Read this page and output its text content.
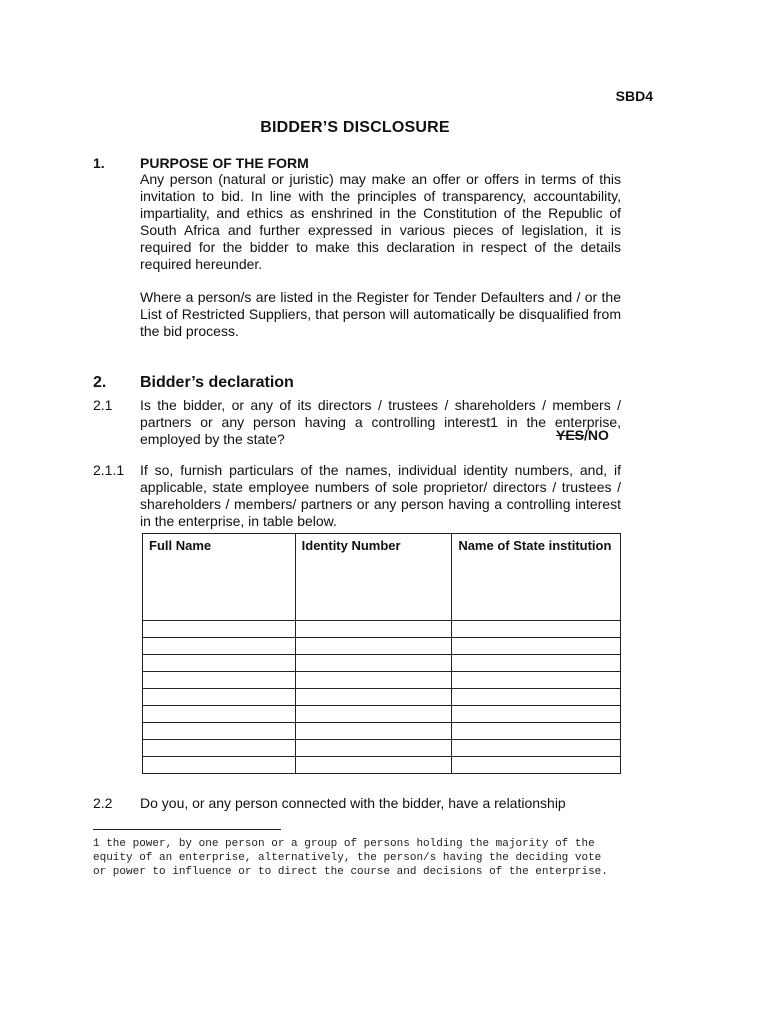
SBD4
BIDDER’S DISCLOSURE
1.	PURPOSE OF THE FORM
Any person (natural or juristic) may make an offer or offers in terms of this invitation to bid. In line with the principles of transparency, accountability, impartiality, and ethics as enshrined in the Constitution of the Republic of South Africa and further expressed in various pieces of legislation, it is required for the bidder to make this declaration in respect of the details required hereunder.
Where a person/s are listed in the Register for Tender Defaulters and / or the List of Restricted Suppliers, that person will automatically be disqualified from the bid process.
2. Bidder’s declaration
2.1 Is the bidder, or any of its directors / trustees / shareholders / members / partners or any person having a controlling interest1 in the enterprise, employed by the state?	YES/NO
2.1.1 If so, furnish particulars of the names, individual identity numbers, and, if applicable, state employee numbers of sole proprietor/ directors / trustees / shareholders / members/ partners or any person having a controlling interest in the enterprise, in table below.
Full Name	Identity Number	Name of State institution

2.2 Do you, or any person connected with the bidder, have a relationship
1 the power, by one person or a group of persons holding the majority of the equity of an enterprise, alternatively, the person/s having the deciding vote or power to influence or to direct the course and decisions of the enterprise.
